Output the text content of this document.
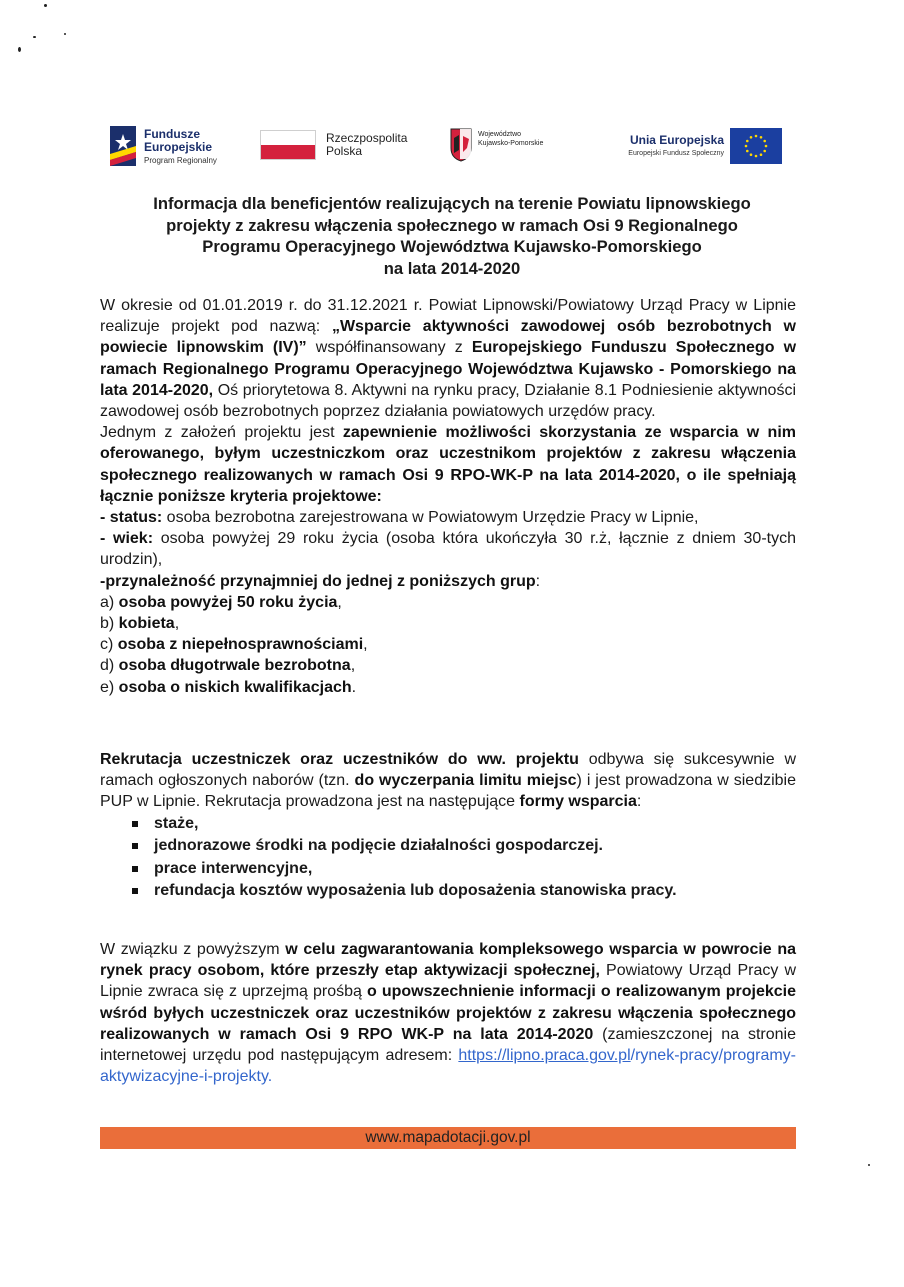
Fundusze
Europejskie
Program Regionalny
Rzeczpospolita
Polska
Województwo
Kujawsko-Pomorskie	Unia Europejska
Europejski Fundusz Społeczny
Informacja dla beneficjentów realizujących na terenie Powiatu lipnowskiego
projekty z zakresu włączenia społecznego w ramach Osi 9 Regionalnego
Programu Operacyjnego Województwa Kujawsko-Pomorskiego
na lata 2014-2020

W okresie od 01.01.2019 r. do 31.12.2021 r. Powiat Lipnowski/Powiatowy Urząd Pracy w Lipnie realizuje projekt pod nazwą: „Wsparcie aktywności zawodowej osób bezrobotnych w powiecie lipnowskim (IV)” współfinansowany z Europejskiego Funduszu Społecznego w ramach Regionalnego Programu Operacyjnego Województwa Kujawsko - Pomorskiego na lata 2014-2020, Oś priorytetowa 8. Aktywni na rynku pracy, Działanie 8.1 Podniesienie aktywności zawodowej osób bezrobotnych poprzez działania powiatowych urzędów pracy.

Jednym z założeń projektu jest zapewnienie możliwości skorzystania ze wsparcia w nim oferowanego, byłym uczestniczkom oraz uczestnikom projektów z zakresu włączenia społecznego realizowanych w ramach Osi 9 RPO-WK-P na lata 2014-2020, o ile spełniają łącznie poniższe kryteria projektowe:

- status: osoba bezrobotna zarejestrowana w Powiatowym Urzędzie Pracy w Lipnie,

- wiek: osoba powyżej 29 roku życia (osoba która ukończyła 30 r.ż, łącznie z dniem 30-tych urodzin),

-przynależność przynajmniej do jednej z poniższych grup:

a) osoba powyżej 50 roku życia,

b) kobieta,

c) osoba z niepełnosprawnościami,

d) osoba długotrwale bezrobotna,

e) osoba o niskich kwalifikacjach.

Rekrutacja uczestniczek oraz uczestników do ww. projektu odbywa się sukcesywnie w ramach ogłoszonych naborów (tzn. do wyczerpania limitu miejsc) i jest prowadzona w siedzibie PUP w Lipnie. Rekrutacja prowadzona jest na następujące formy wsparcia:

staże,
jednorazowe środki na podjęcie działalności gospodarczej.
prace interwencyjne,
refundacja kosztów wyposażenia lub doposażenia stanowiska pracy.

W związku z powyższym w celu zagwarantowania kompleksowego wsparcia w powrocie na rynek pracy osobom, które przeszły etap aktywizacji społecznej, Powiatowy Urząd Pracy w Lipnie zwraca się z uprzejmą prośbą o upowszechnienie informacji o realizowanym projekcie wśród byłych uczestniczek oraz uczestników projektów z zakresu włączenia społecznego realizowanych w ramach Osi 9 RPO WK-P na lata 2014-2020 (zamieszczonej na stronie internetowej urzędu pod następującym adresem: https://lipno.praca.gov.pl/rynek-pracy/programy-aktywizacyjne-i-projekty.

www.mapadotacji.gov.pl
